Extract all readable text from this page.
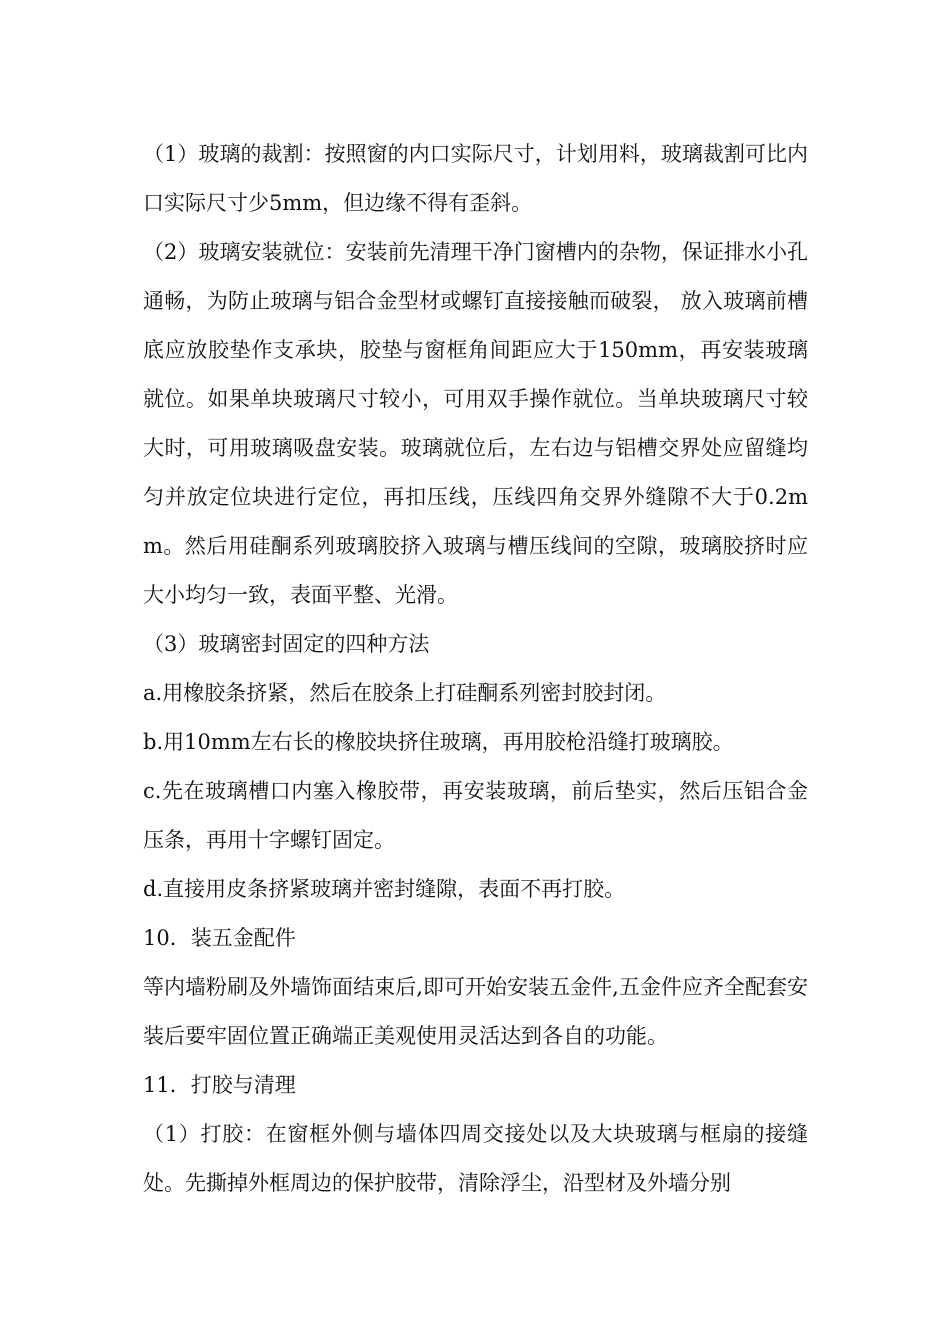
（1）玻璃的裁割：按照窗的内口实际尺寸，计划用料，玻璃裁割可比内口实际尺寸少5mm，但边缘不得有歪斜。

（2）玻璃安装就位：安装前先清理干净门窗槽内的杂物，保证排水小孔通畅，为防止玻璃与铝合金型材或螺钉直接接触而破裂， 放入玻璃前槽底应放胶垫作支承块，胶垫与窗框角间距应大于150mm，再安装玻璃就位。如果单块玻璃尺寸较小，可用双手操作就位。当单块玻璃尺寸较大时，可用玻璃吸盘安装。玻璃就位后，左右边与铝槽交界处应留缝均匀并放定位块进行定位，再扣压线，压线四角交界外缝隙不大于0.2mm。然后用硅酮系列玻璃胶挤入玻璃与槽压线间的空隙，玻璃胶挤时应大小均匀一致，表面平整、光滑。

（3）玻璃密封固定的四种方法

a.用橡胶条挤紧，然后在胶条上打硅酮系列密封胶封闭。

b.用10mm左右长的橡胶块挤住玻璃，再用胶枪沿缝打玻璃胶。

c.先在玻璃槽口内塞入橡胶带，再安装玻璃，前后垫实，然后压铝合金压条，再用十字螺钉固定。

d.直接用皮条挤紧玻璃并密封缝隙，表面不再打胶。

10．装五金配件

等内墙粉刷及外墙饰面结束后,即可开始安装五金件,五金件应齐全配套安装后要牢固位置正确端正美观使用灵活达到各自的功能。

11．打胶与清理

（1）打胶：在窗框外侧与墙体四周交接处以及大块玻璃与框扇的接缝处。先撕掉外框周边的保护胶带，清除浮尘，沿型材及外墙分别
